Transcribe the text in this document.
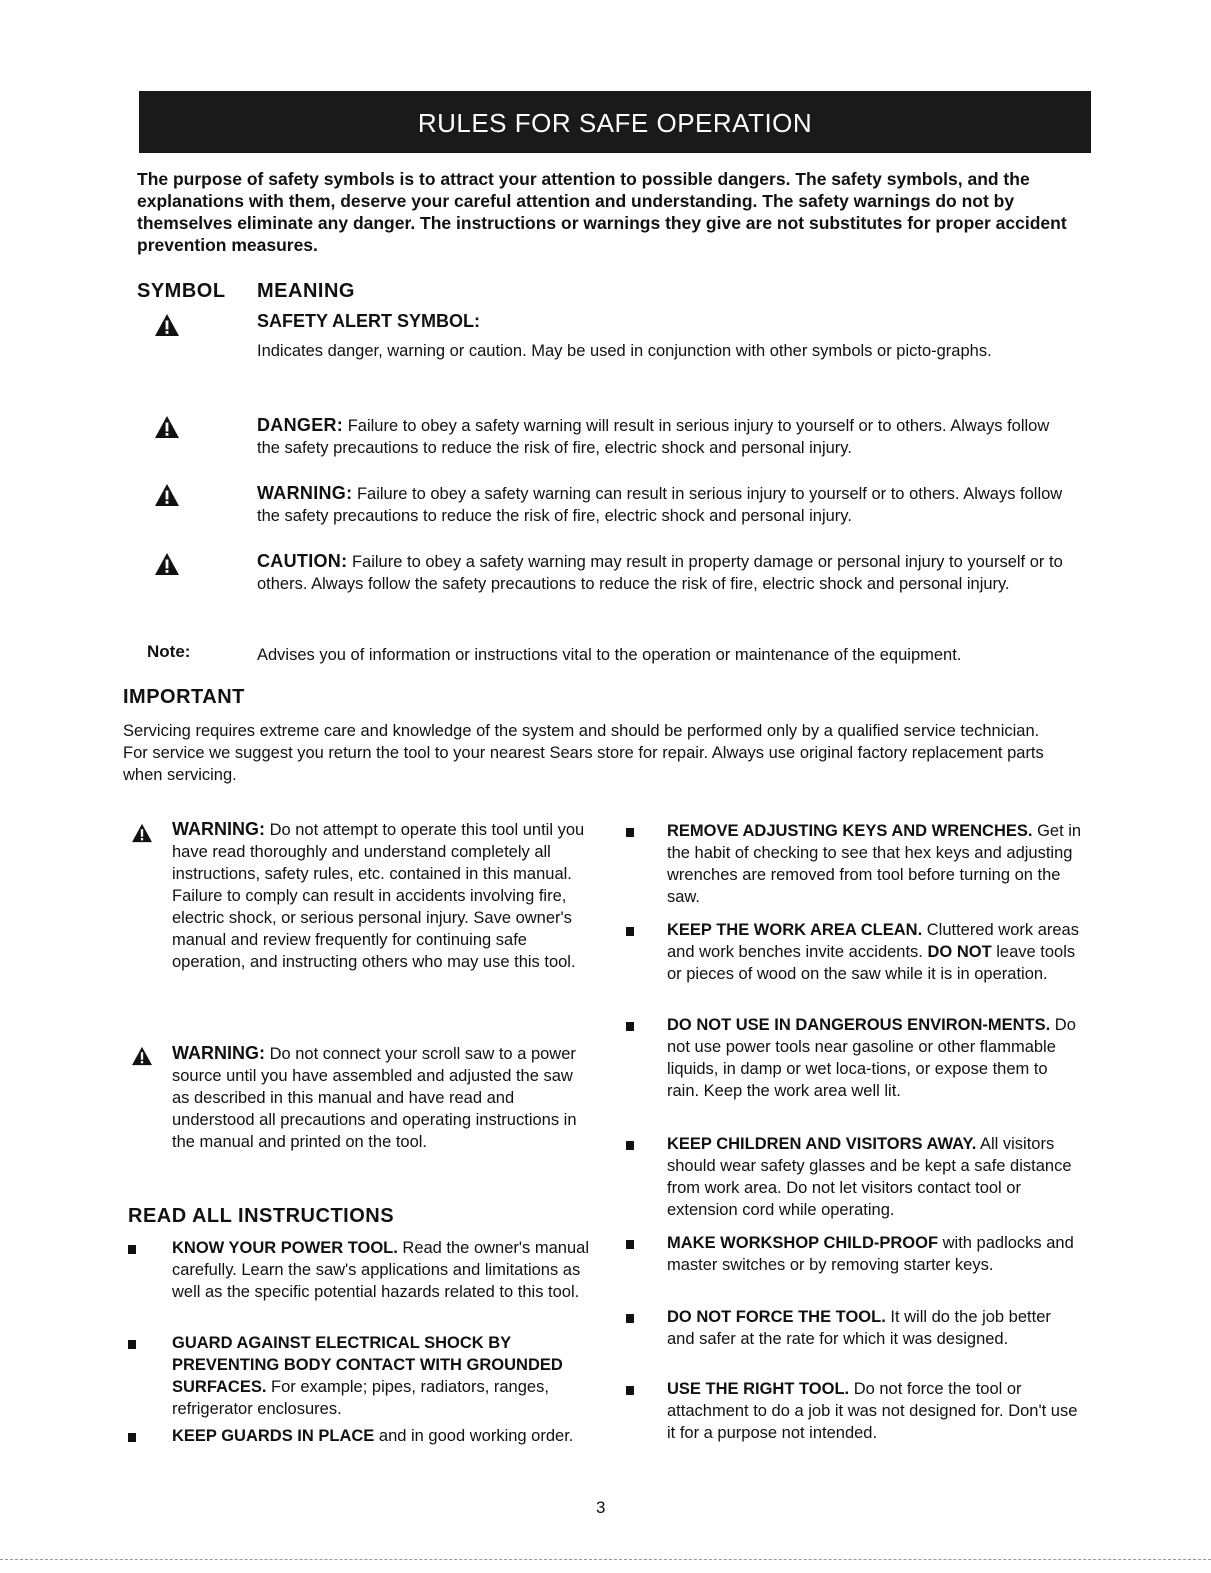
RULES FOR SAFE OPERATION
The purpose of safety symbols is to attract your attention to possible dangers. The safety symbols, and the explanations with them, deserve your careful attention and understanding. The safety warnings do not by themselves eliminate any danger. The instructions or warnings they give are not substitutes for proper accident prevention measures.
SYMBOL MEANING
SAFETY ALERT SYMBOL:
Indicates danger, warning or caution. May be used in conjunction with other symbols or picto-graphs.
DANGER: Failure to obey a safety warning will result in serious injury to yourself or to others. Always follow the safety precautions to reduce the risk of fire, electric shock and personal injury.
WARNING: Failure to obey a safety warning can result in serious injury to yourself or to others. Always follow the safety precautions to reduce the risk of fire, electric shock and personal injury.
CAUTION: Failure to obey a safety warning may result in property damage or personal injury to yourself or to others. Always follow the safety precautions to reduce the risk of fire, electric shock and personal injury.
Note:	Advises you of information or instructions vital to the operation or maintenance of the equipment.
IMPORTANT
Servicing requires extreme care and knowledge of the system and should be performed only by a qualified service technician. For service we suggest you return the tool to your nearest Sears store for repair. Always use original factory replacement parts when servicing.
WARNING: Do not attempt to operate this tool until you have read thoroughly and understand completely all instructions, safety rules, etc. contained in this manual. Failure to comply can result in accidents involving fire, electric shock, or serious personal injury. Save owner's manual and review frequently for continuing safe operation, and instructing others who may use this tool.
WARNING: Do not connect your scroll saw to a power source until you have assembled and adjusted the saw as described in this manual and have read and understood all precautions and operating instructions in the manual and printed on the tool.
READ ALL INSTRUCTIONS
KNOW YOUR POWER TOOL. Read the owner's manual carefully. Learn the saw's applications and limitations as well as the specific potential hazards related to this tool.
GUARD AGAINST ELECTRICAL SHOCK BY PREVENTING BODY CONTACT WITH GROUNDED SURFACES. For example; pipes, radiators, ranges, refrigerator enclosures.
KEEP GUARDS IN PLACE and in good working order.
REMOVE ADJUSTING KEYS AND WRENCHES. Get in the habit of checking to see that hex keys and adjusting wrenches are removed from tool before turning on the saw.
KEEP THE WORK AREA CLEAN. Cluttered work areas and work benches invite accidents. DO NOT leave tools or pieces of wood on the saw while it is in operation.
DO NOT USE IN DANGEROUS ENVIRON-MENTS. Do not use power tools near gasoline or other flammable liquids, in damp or wet loca-tions, or expose them to rain. Keep the work area well lit.
KEEP CHILDREN AND VISITORS AWAY. All visitors should wear safety glasses and be kept a safe distance from work area. Do not let visitors contact tool or extension cord while operating.
MAKE WORKSHOP CHILD-PROOF with padlocks and master switches or by removing starter keys.
DO NOT FORCE THE TOOL. It will do the job better and safer at the rate for which it was designed.
USE THE RIGHT TOOL. Do not force the tool or attachment to do a job it was not designed for. Don't use it for a purpose not intended.
3
